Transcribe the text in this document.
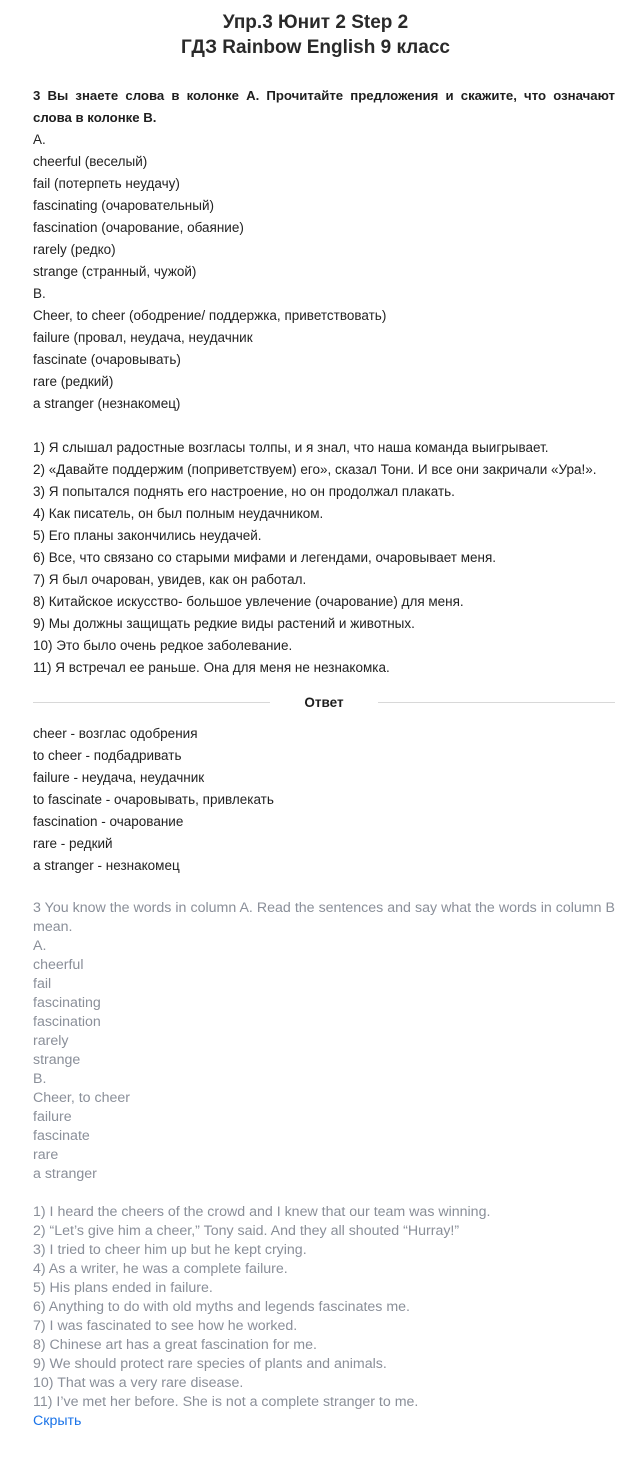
Упр.3 Юнит 2 Step 2
ГДЗ Rainbow English 9 класс
3 Вы знаете слова в колонке А. Прочитайте предложения и скажите, что означают слова в колонке В.
A.
cheerful (веселый)
fail (потерпеть неудачу)
fascinating (очаровательный)
fascination (очарование, обаяние)
rarely (редко)
strange (странный, чужой)
B.
Cheer, to cheer (ободрение/ поддержка, приветствовать)
failure (провал, неудача, неудачник
fascinate (очаровывать)
rare (редкий)
a stranger (незнакомец)
1) Я слышал радостные возгласы толпы, и я знал, что наша команда выигрывает.
2) «Давайте поддержим (поприветствуем) его», сказал Тони. И все они закричали «Ура!».
3) Я попытался поднять его настроение, но он продолжал плакать.
4) Как писатель, он был полным неудачником.
5) Его планы закончились неудачей.
6) Все, что связано со старыми мифами и легендами, очаровывает меня.
7) Я был очарован, увидев, как он работал.
8) Китайское искусство- большое увлечение (очарование) для меня.
9) Мы должны защищать редкие виды растений и животных.
10) Это было очень редкое заболевание.
11) Я встречал ее раньше. Она для меня не незнакомка.
Ответ
cheer - возглас одобрения
to cheer - подбадривать
failure - неудача, неудачник
to fascinate - очаровывать, привлекать
fascination - очарование
rare - редкий
a stranger - незнакомец
3 You know the words in column A. Read the sentences and say what the words in column B mean.
A.
cheerful
fail
fascinating
fascination
rarely
strange
B.
Cheer, to cheer
failure
fascinate
rare
a stranger
1) I heard the cheers of the crowd and I knew that our team was winning.
2) “Let’s give him a cheer,” Tony said. And they all shouted “Hurray!”
3) I tried to cheer him up but he kept crying.
4) As a writer, he was a complete failure.
5) His plans ended in failure.
6) Anything to do with old myths and legends fascinates me.
7) I was fascinated to see how he worked.
8) Chinese art has a great fascination for me.
9) We should protect rare species of plants and animals.
10) That was a very rare disease.
11) I’ve met her before. She is not a complete stranger to me.
Скрыть
